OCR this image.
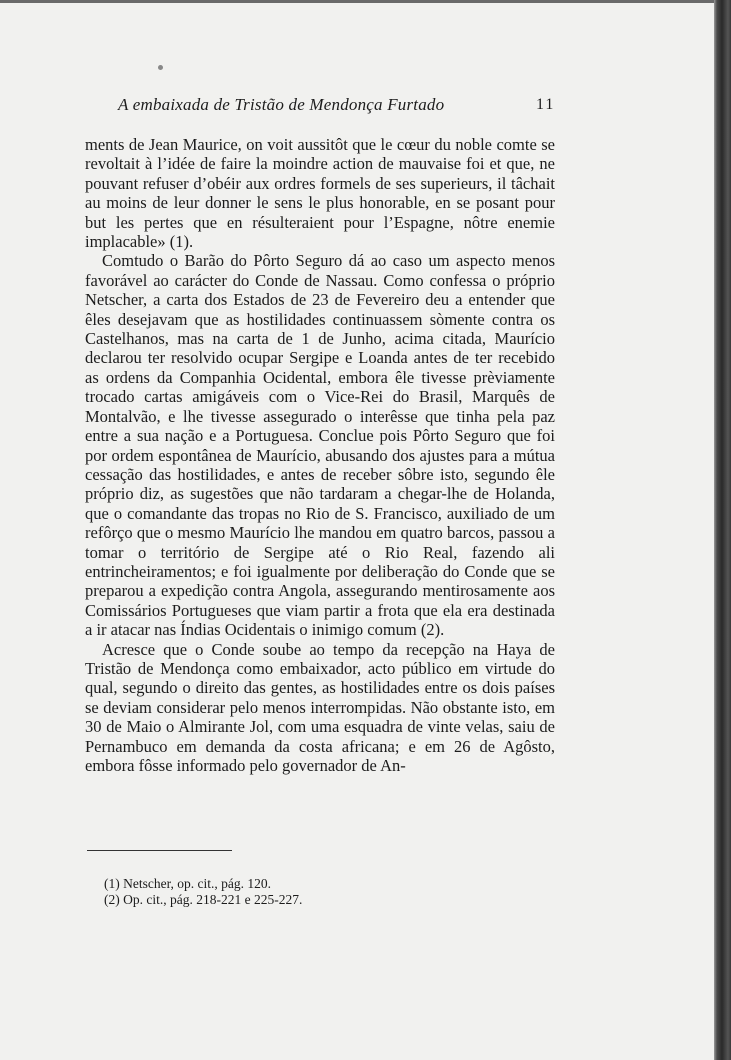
A embaixada de Tristão de Mendonça Furtado	11

ments de Jean Maurice, on voit aussitôt que le cœur du noble comte se revoltait à l’idée de faire la moindre action de mauvaise foi et que, ne pouvant refuser d’obéir aux ordres formels de ses superieurs, il tâchait au moins de leur donner le sens le plus honorable, en se posant pour but les pertes que en résulteraient pour l’Espagne, nôtre enemie implacable» (1).

Comtudo o Barão do Pôrto Seguro dá ao caso um aspecto menos favorável ao carácter do Conde de Nassau. Como confessa o próprio Netscher, a carta dos Estados de 23 de Fevereiro deu a entender que êles desejavam que as hostilidades continuassem sòmente contra os Castelhanos, mas na carta de 1 de Junho, acima citada, Maurício declarou ter resolvido ocupar Sergipe e Loanda antes de ter recebido as ordens da Companhia Ocidental, embora êle tivesse prèviamente trocado cartas amigáveis com o Vice-Rei do Brasil, Marquês de Montalvão, e lhe tivesse assegurado o interêsse que tinha pela paz entre a sua nação e a Portuguesa. Conclue pois Pôrto Seguro que foi por ordem espontânea de Maurício, abusando dos ajustes para a mútua cessação das hostilidades, e antes de receber sôbre isto, segundo êle próprio diz, as sugestões que não tardaram a chegar-lhe de Holanda, que o comandante das tropas no Rio de S. Francisco, auxiliado de um refôrço que o mesmo Maurício lhe mandou em quatro barcos, passou a tomar o território de Sergipe até o Rio Real, fazendo ali entrincheiramentos; e foi igualmente por deliberação do Conde que se preparou a expedição contra Angola, assegurando mentirosamente aos Comissários Portugueses que viam partir a frota que ela era destinada a ir atacar nas Índias Ocidentais o inimigo comum (2).

Acresce que o Conde soube ao tempo da recepção na Haya de Tristão de Mendonça como embaixador, acto público em virtude do qual, segundo o direito das gentes, as hostilidades entre os dois países se deviam considerar pelo menos interrompidas. Não obstante isto, em 30 de Maio o Almirante Jol, com uma esquadra de vinte velas, saiu de Pernambuco em demanda da costa africana; e em 26 de Agôsto, embora fôsse informado pelo governador de An-

(1) Netscher, op. cit., pág. 120.
(2) Op. cit., pág. 218-221 e 225-227.
